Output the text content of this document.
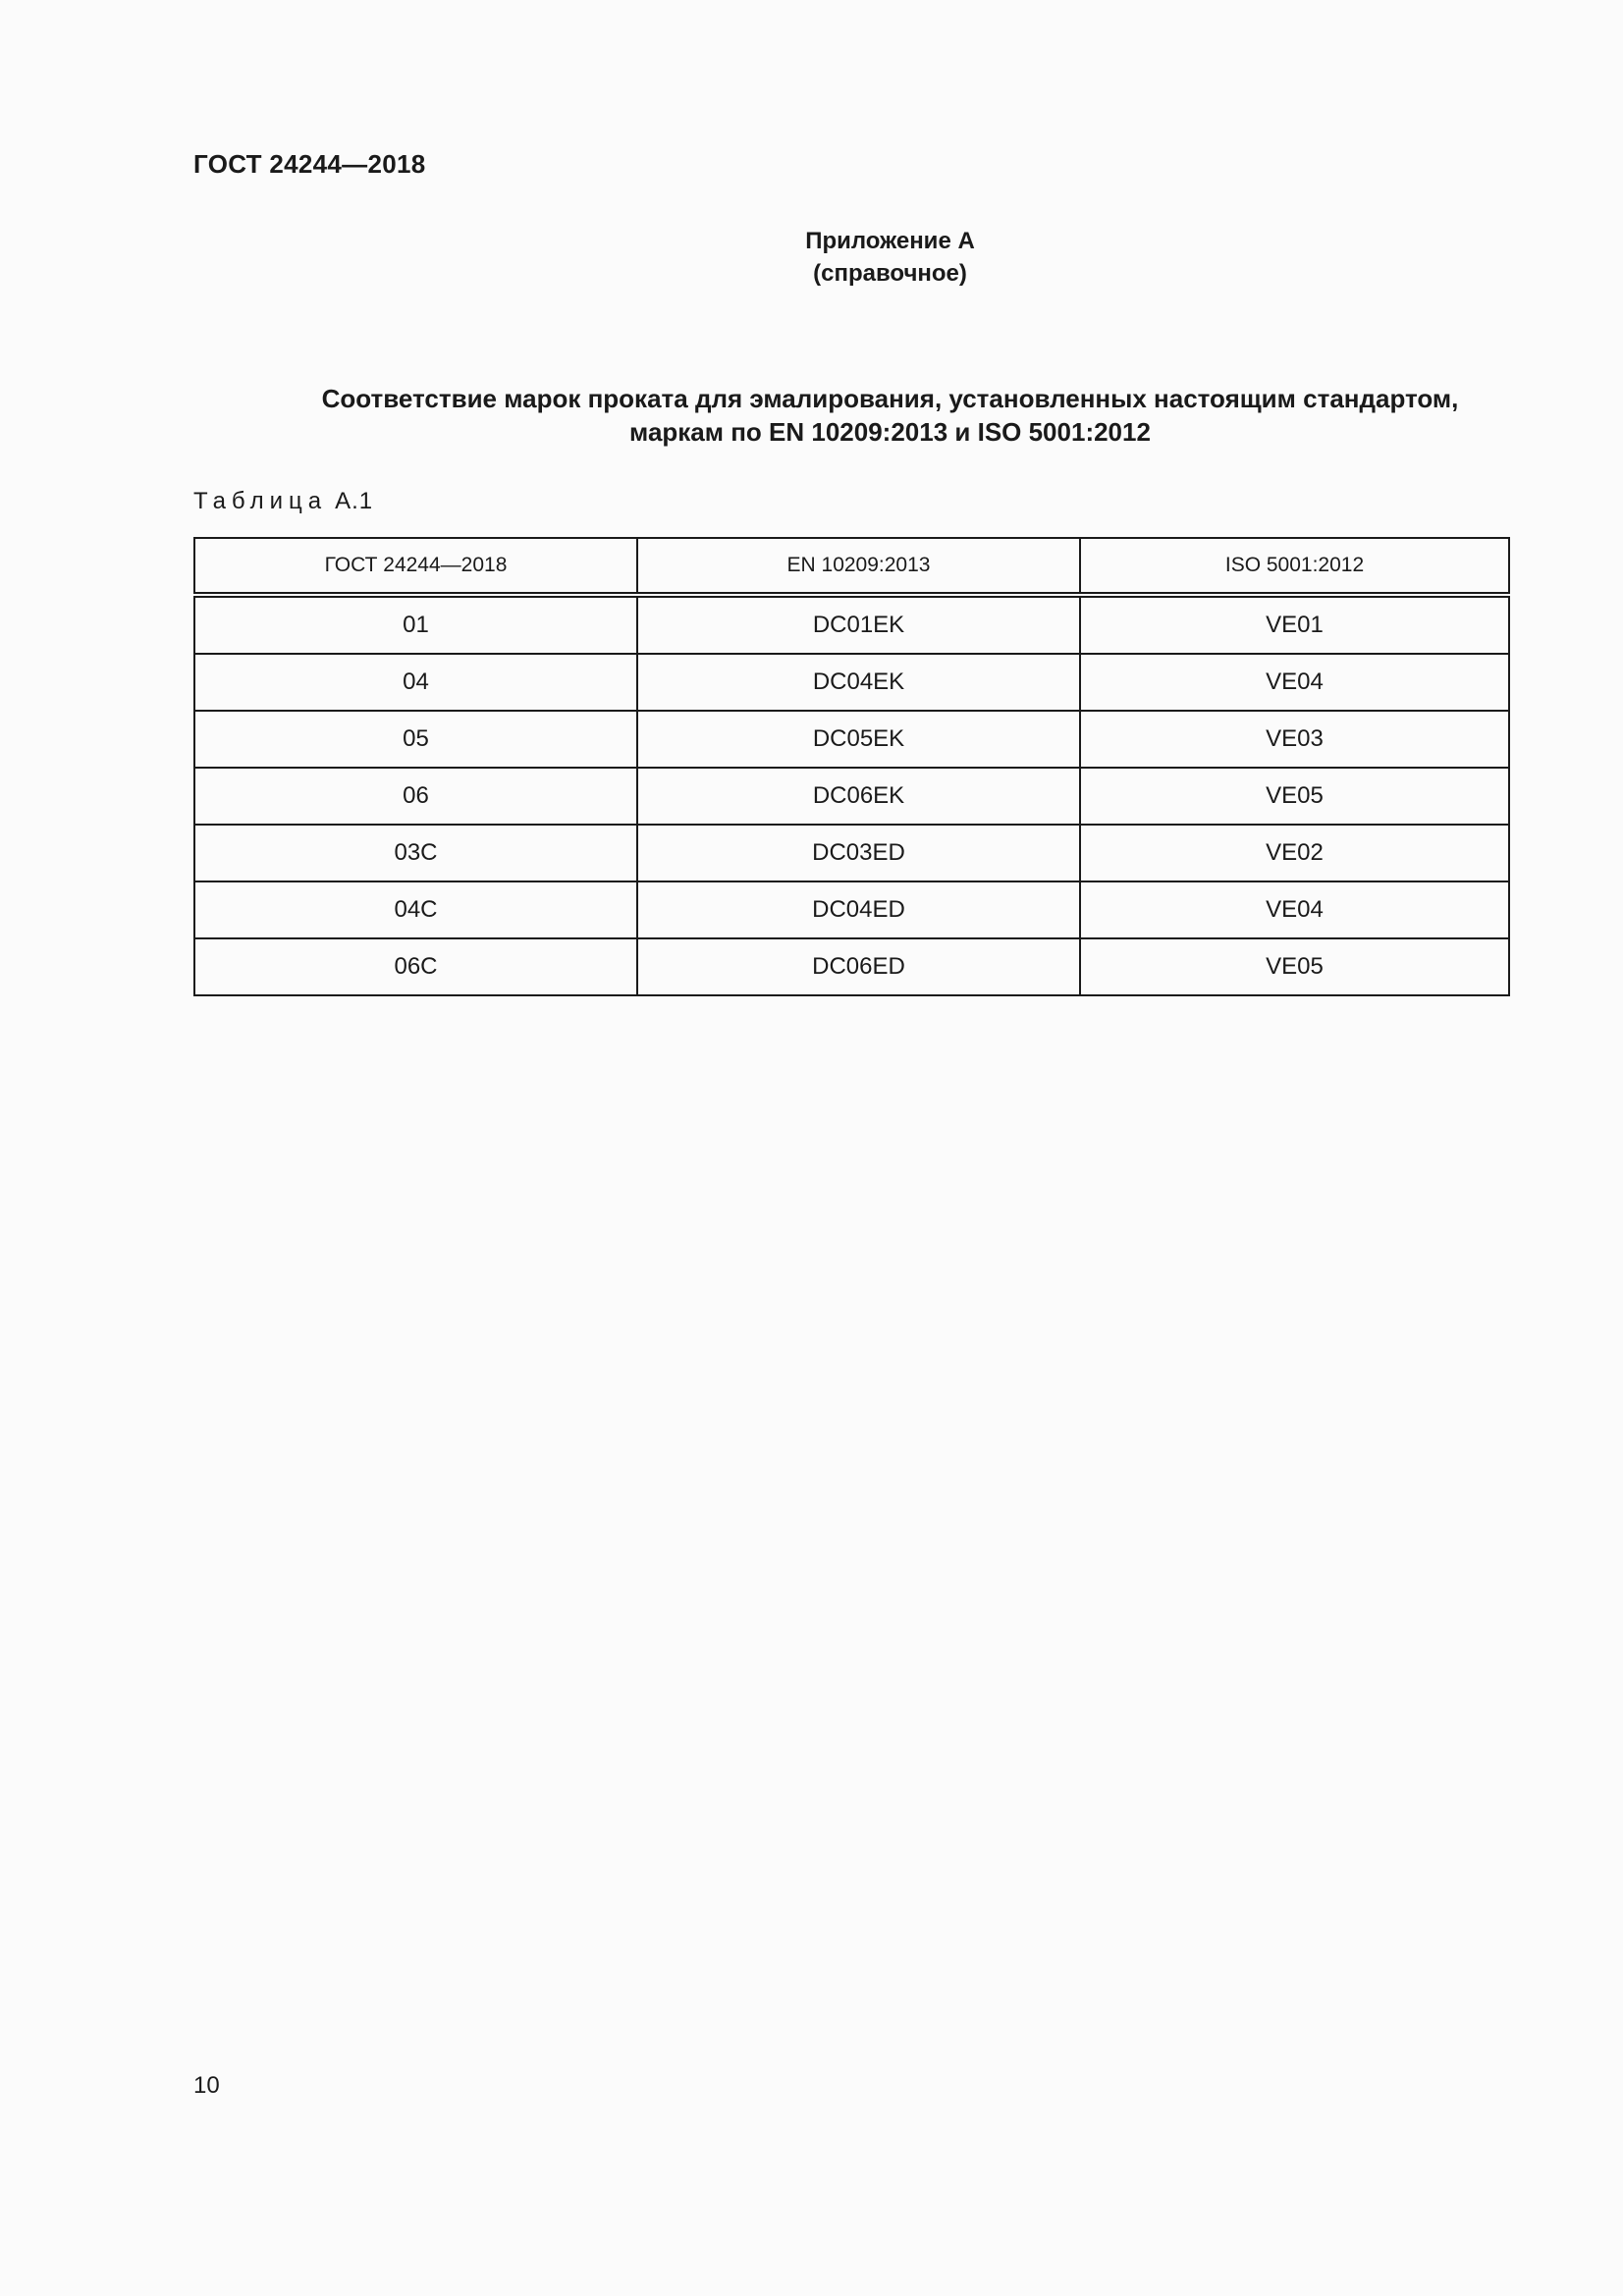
ГОСТ 24244—2018
Приложение А
(справочное)
Соответствие марок проката для эмалирования, установленных настоящим стандартом,
маркам по EN 10209:2013 и ISO 5001:2012
Таблица А.1
ГОСТ 24244—2018	EN 10209:2013	ISO 5001:2012
01	DC01EK	VE01
04	DC04EK	VE04
05	DC05EK	VE03
06	DC06EK	VE05
03С	DC03ED	VE02
04С	DC04ED	VE04
06С	DC06ED	VE05
10
